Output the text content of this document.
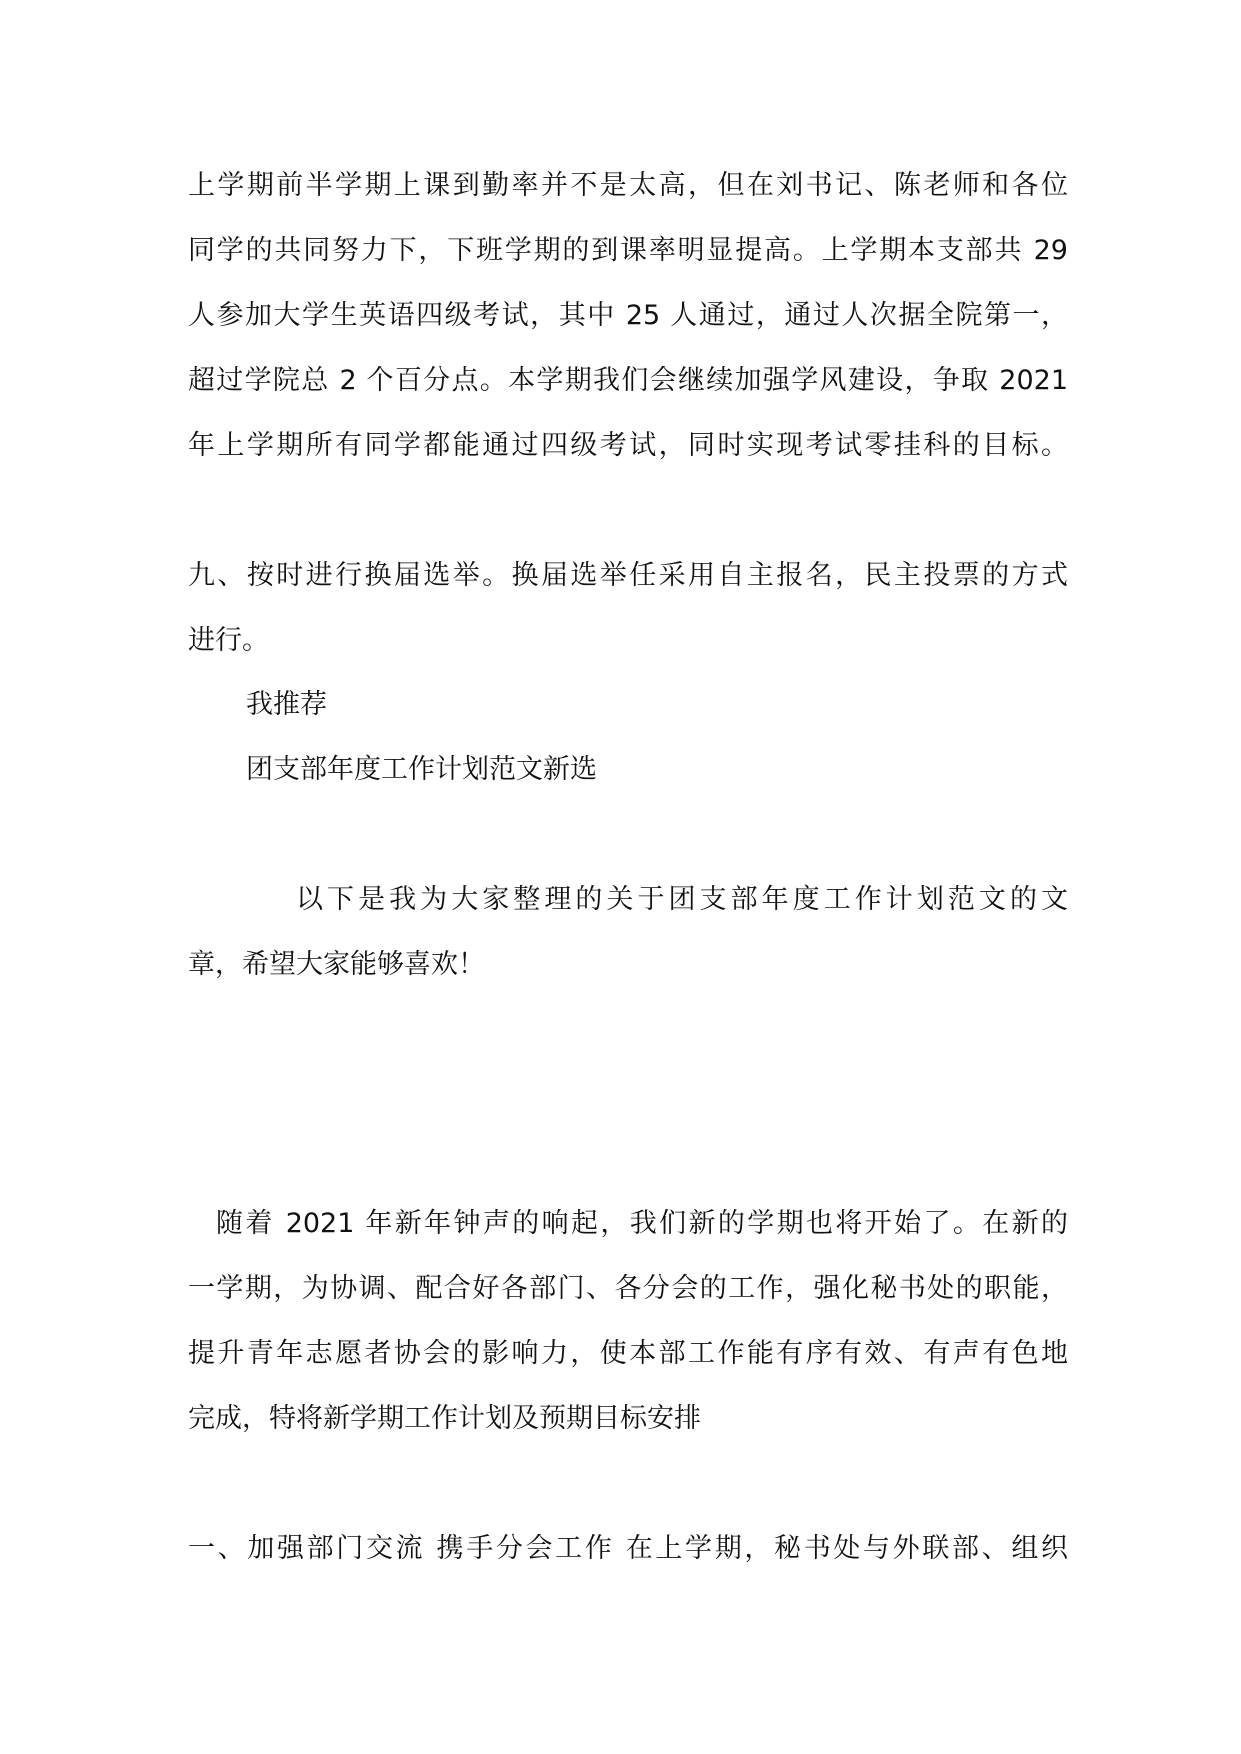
上学期前半学期上课到勤率并不是太高，但在刘书记、陈老师和各位
同学的共同努力下，下班学期的到课率明显提高。上学期本支部共 29
人参加大学生英语四级考试，其中 25 人通过，通过人次据全院第一，
超过学院总 2 个百分点。本学期我们会继续加强学风建设，争取 2021
年上学期所有同学都能通过四级考试，同时实现考试零挂科的目标。
九、按时进行换届选举。换届选举任采用自主报名，民主投票的方式
进行。
我推荐
团支部年度工作计划范文新选
以下是我为大家整理的关于团支部年度工作计划范文的文
章，希望大家能够喜欢！
随着 2021 年新年钟声的响起，我们新的学期也将开始了。在新的
一学期，为协调、配合好各部门、各分会的工作，强化秘书处的职能，
提升青年志愿者协会的影响力，使本部工作能有序有效、有声有色地
完成，特将新学期工作计划及预期目标安排
一、加强部门交流 携手分会工作 在上学期，秘书处与外联部、组织
